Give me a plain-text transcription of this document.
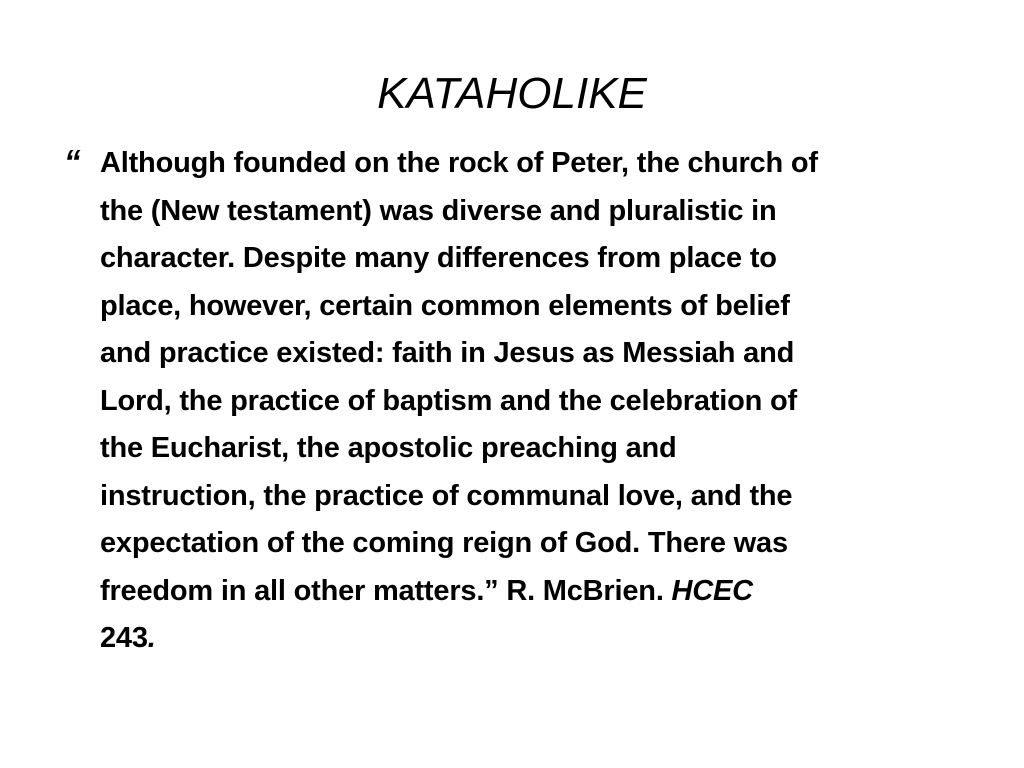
KATAHOLIKE
“ Although founded on the rock of Peter, the church of
the (New testament) was diverse and pluralistic in
character. Despite many differences from place to
place, however, certain common elements of belief
and practice existed: faith in Jesus as Messiah and
Lord, the practice of baptism and the celebration of
the Eucharist, the apostolic preaching and
instruction, the practice of communal love, and the
expectation of the coming reign of God. There was
freedom in all other matters.” R. McBrien. HCEC
243.
